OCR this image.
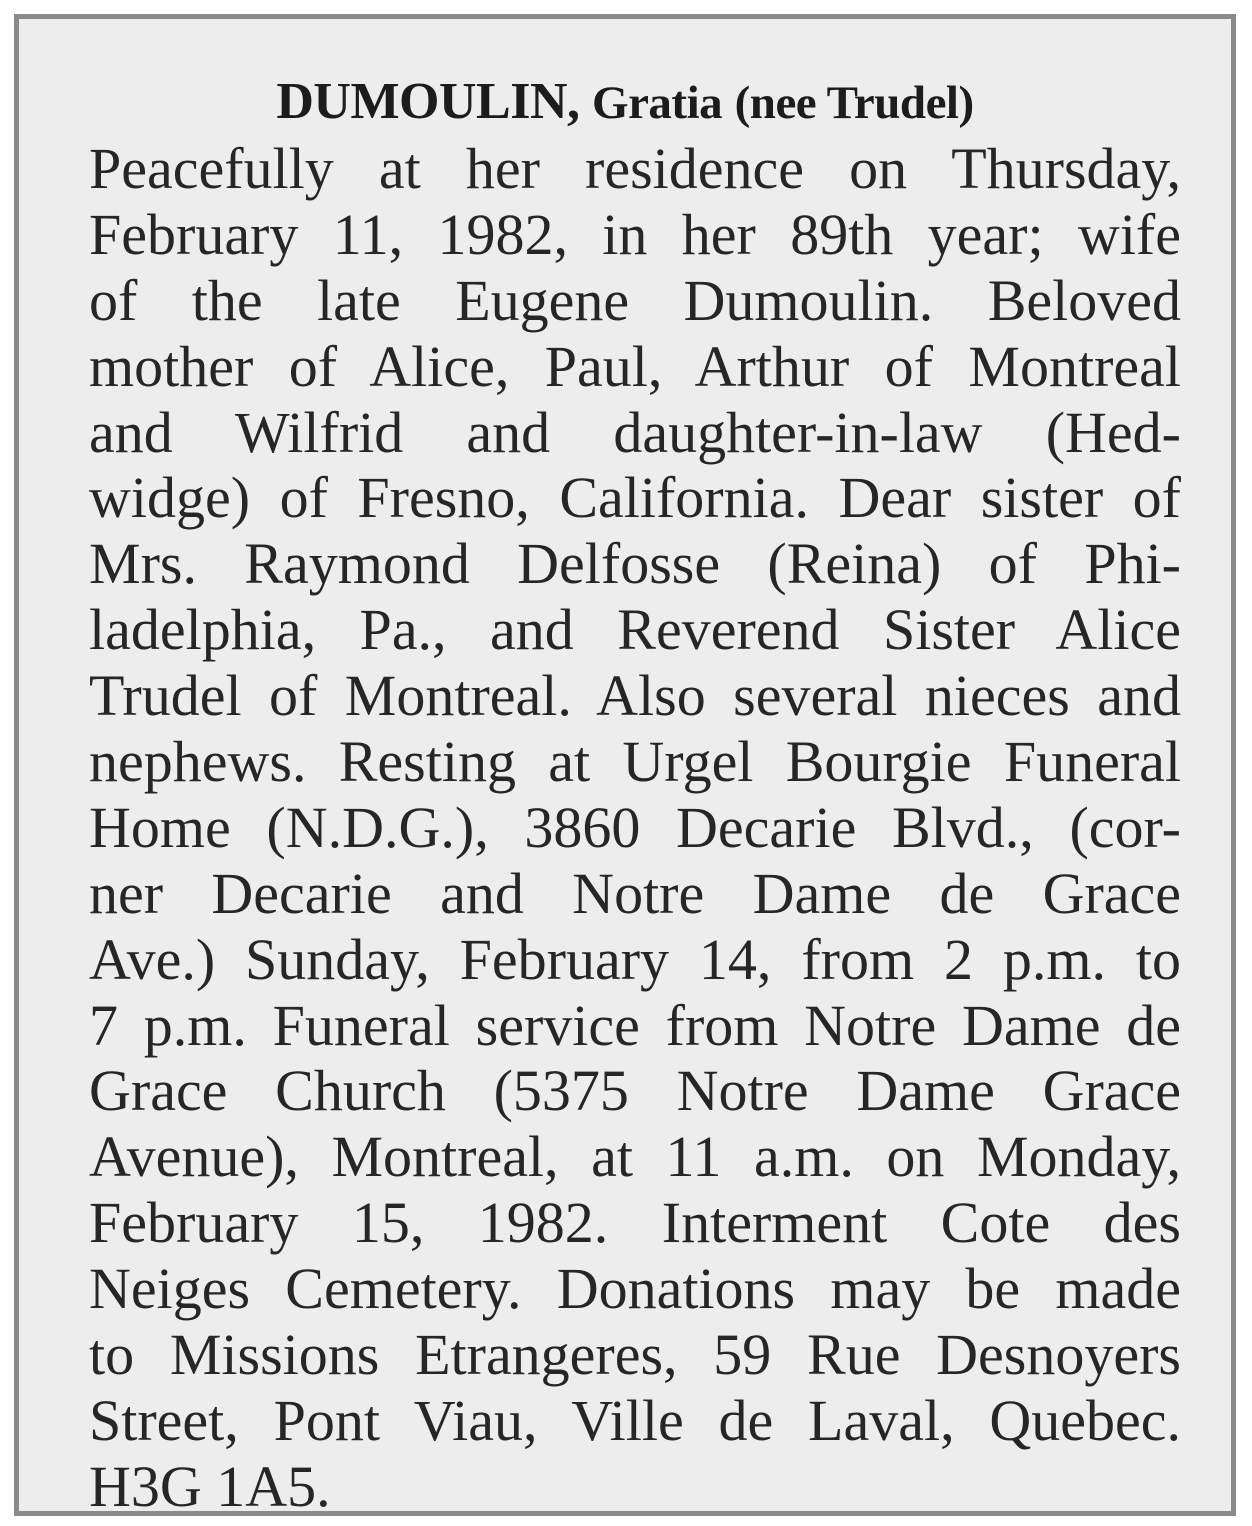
DUMOULIN, Gratia (nee Trudel)
Peacefully at her residence on Thursday,
February 11, 1982, in her 89th year; wife
of the late Eugene Dumoulin. Beloved
mother of Alice, Paul, Arthur of Montreal
and Wilfrid and daughter-in-law (Hed-
widge) of Fresno, California. Dear sister of
Mrs. Raymond Delfosse (Reina) of Phi-
ladelphia, Pa., and Reverend Sister Alice
Trudel of Montreal. Also several nieces and
nephews. Resting at Urgel Bourgie Funeral
Home (N.D.G.), 3860 Decarie Blvd., (cor-
ner Decarie and Notre Dame de Grace
Ave.) Sunday, February 14, from 2 p.m. to
7 p.m. Funeral service from Notre Dame de
Grace Church (5375 Notre Dame Grace
Avenue), Montreal, at 11 a.m. on Monday,
February 15, 1982. Interment Cote des
Neiges Cemetery. Donations may be made
to Missions Etrangeres, 59 Rue Desnoyers
Street, Pont Viau, Ville de Laval, Quebec.
H3G 1A5.
